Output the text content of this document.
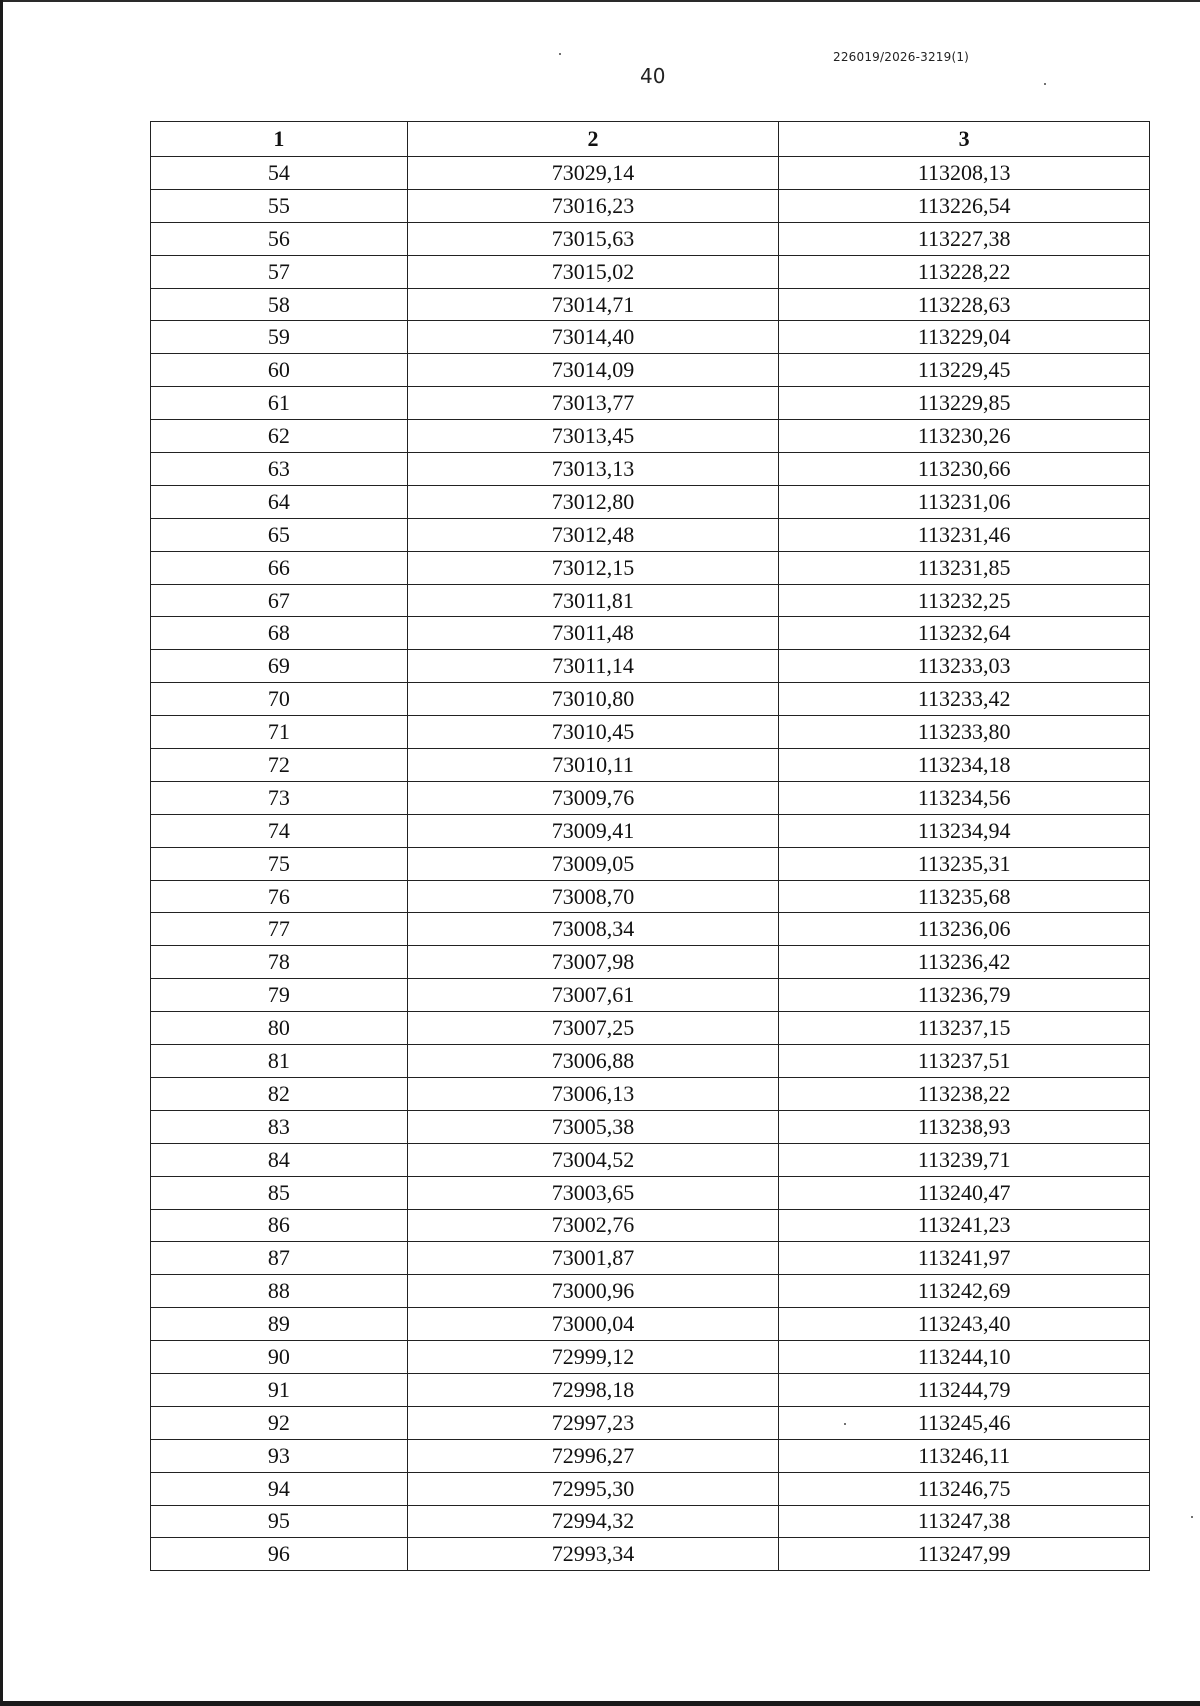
226019/2026-3219(1)
40
1	2	3
54	73029,14	113208,13
55	73016,23	113226,54
56	73015,63	113227,38
57	73015,02	113228,22
58	73014,71	113228,63
59	73014,40	113229,04
60	73014,09	113229,45
61	73013,77	113229,85
62	73013,45	113230,26
63	73013,13	113230,66
64	73012,80	113231,06
65	73012,48	113231,46
66	73012,15	113231,85
67	73011,81	113232,25
68	73011,48	113232,64
69	73011,14	113233,03
70	73010,80	113233,42
71	73010,45	113233,80
72	73010,11	113234,18
73	73009,76	113234,56
74	73009,41	113234,94
75	73009,05	113235,31
76	73008,70	113235,68
77	73008,34	113236,06
78	73007,98	113236,42
79	73007,61	113236,79
80	73007,25	113237,15
81	73006,88	113237,51
82	73006,13	113238,22
83	73005,38	113238,93
84	73004,52	113239,71
85	73003,65	113240,47
86	73002,76	113241,23
87	73001,87	113241,97
88	73000,96	113242,69
89	73000,04	113243,40
90	72999,12	113244,10
91	72998,18	113244,79
92	72997,23	113245,46
93	72996,27	113246,11
94	72995,30	113246,75
95	72994,32	113247,38
96	72993,34	113247,99
